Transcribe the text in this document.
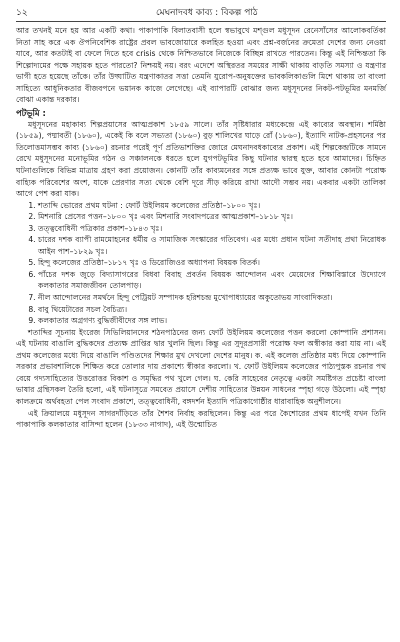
১২	মেঘনাদবধ কাব্য : বিকল্প পাঠ

আর তখনই মনে হয় আর একটি কথা। পাকাপাকি বিলাতবাসী হলে স্বভাবুখে মশ্গুল মধুসূদন রেনেসাঁসের আলোকবর্তিকা নিতা সাহ করে এক ঔপনিবেশিক রাষ্ট্রের প্রবল ভাবজোয়ারে কলহিত হওয়া এবং প্রশ্ন-বর্জনের ক্রমেতা দেশের জন্য নেওয়া যাবে, আর কতটাই বা ফেলে দিতে হবে crisis থেকে নিশ্চিতভাবে নিজেকে বিচ্ছিন্ন রাখতে পারতেন। কিন্তু এই নিশ্চিন্ততা কি শিল্পোদ্যমের পক্ষে সহায়ক হতে পারতো? নিশ্চয়ই নয়। বরং এদেশে অস্থিরতর সময়ের সাক্ষী থাকায় বাড়তি সমস্যা ও যন্ত্রণার ভাগী হতে হয়েছে তাঁকে। তাঁর উদ্ঘাটিত যন্ত্রণাকাতর সত্তা তেমনি যুরোপ-অনুষক্তের ভাবকলিকাগুলি মিশে থাকায় তা বাংলা সাহিত্যে আধুনিকতার বীজবপনে ভয়ানক কাজে লেগেছে। এই ব্যাপারটি বোঝার জন্য মধুসূদনের নিকট-পটভূমির মনমর্জি বোঝা একান্ত দরকার।

পটভূমি :

মধুসূদনের মহাকাব্য শিল্পপ্রয়াসের আত্মপ্রকাশ ১৮৫৯ সালে। তাঁর সৃষ্টিধারার মধ্যকেন্দ্রে এই কাব্যের অবস্থান। শর্মিষ্ঠা (১৮৫৯), পদ্মাবতী (১৮৬০), একেই কি বলে সভ্যতা (১৮৬০) বুড় শালিখের ঘাড়ে রোঁ (১৮৬০), ইত্যাদি নাটক-প্রহসনের পর তিলোত্তমাসম্ভব কাব্য (১৮৬০) রচনার পরেই পূর্ণ প্রতিভাশক্তির জোরে মেঘনাদবধকাব্যের প্রকাশ। এই শিল্পকেন্দ্রটিকে সামনে রেখে মধুসূদনের মনোভূমির গঠন ও সঞ্চালনকে ধরতে হলে যুগপটভূমির কিছু ঘটনার দ্বারস্থ হতে হবে আমাদের। চিহ্নিত ঘটনাগুলিকে বিভিন্ন মাত্রায় গ্রহণ করা প্রয়োজন। কোনটি তাঁর কাব্যমনেরর সঙ্গে প্রত্যক্ষ ভাবে যুক্ত, আবার কোনটা পরোক্ষ বাহ্যিক পরিবেশের অংশ, যাকে প্রেরণার সত্য থেকে বেশি দূরে সীড় করিয়ে রাখা আদৌ সম্ভব নয়। একবার একটা তালিকা আগে পেশ করা যাক।

1. শতাব্দি ভোরের প্রথম ঘটনা : ফোর্ট উইলিয়ম কলেজের প্রতিষ্ঠা–১৮০০ খৃঃ।
2. মিশনারি প্রেসের পত্তন–১৮০০ খৃঃ এবং মিশনারি সংবাদপত্রের আত্মপ্রকাশ–১৮১৮ খৃঃ।
3. তত্ত্ববোধিনী পত্রিকার প্রকাশ–১৮৪৩ খৃঃ।
4. চারের দশক ব্যাপী রামমোহনের ধর্মীয় ও সামাজিক সংস্কারের গতিবেগ। এর মধ্যে প্রধান ঘটনা সতীদাহ প্রথা নিরোধক আইন পাশ–১৮২৯ খৃঃ।
5. হিন্দু কলেজের প্রতিষ্ঠা–১৮১৭ খৃঃ ও ডিরোজিওর অধ্যাপনা বিষয়ক বিতর্ক।
6. পাঁচের দশক জুড়ে বিদ্যাসাগরের বিধবা বিবাহ প্রবর্তন বিষয়ক আন্দোলন এবং মেয়েদের শিক্ষাবিস্তারে উদ্যোগে কলকাতার সমাজজীবন তোলপাড়।
7. নীল আন্দোলনের সমর্থনে হিন্দু পেট্রিয়ট সম্পাদক হরিশচন্দ্র মুখোপাধ্যায়ের অকুতোভয় সাংবাদিকতা।
8. বাবু থিয়েটারের সচল বৈচিত্র্য।
9. কলকাতার অগ্রগণ্য বুদ্ধিজীবীদের সঙ্গ লাভ।

শতাব্দির সূচনায় ইংরেজ সিভিলিয়ানদের শঠনপাঠনের জন্য ফোর্ট উইলিয়ম কলেজের পত্তন করলো কোম্পানি প্রশাসন। এই ঘটনায় বাঙালি বুদ্ধিকদের প্রত্যক্ষ প্রাপ্তির দ্বার খুলনি ছিল। কিন্তু এর সুদূরপ্রসারী পরোক্ষ ফল অস্বীকার করা যায় না। এই প্রথম কলেজের মধ্যে দিয়ে বাঙালি পণ্ডিতদের শিক্ষার মুখ দেখলো দেশের মানুষ। ক. এই কলেজ প্রতিষ্ঠার মধ্য দিয়ে কোম্পানি সরকার প্রভাবশালিকে শিক্ষিত করে তোলার দায় প্রকাশ্যে স্বীকার করলো। খ. ফোর্ট উইলিয়ম কলেজের পাঠ্যপুস্তক রচনার পথ বেয়ে গদ্যসাহিত্যের উত্তরোত্তর বিকাশ ও সমৃদ্ধির পথ খুলে গেল। ঘ. কেরি সাহেবের নেতৃত্বে একটা সমষ্টিগত প্রচেষ্টা বাংলা ভাষার গ্রন্থিসকল তৈরি হলো, এই ঘটনাসূত্রে সমবেত প্রয়াসে দেশীয় সাহিত্যের উন্নয়ন সাধনের স্পৃহা গড়ে উঠলো। এই স্পৃহা কালক্রমে অর্থবহতা পেল সংবাদ প্রকাশে, তত্ত্ববোধিনী, বঙ্গদর্শন ইত্যাদি পত্রিকাগোষ্ঠীর ধারাবাহিক অনুশীলনে।

এই ক্রিয়ালয়ে মধুসূদন সাগরদাঁড়িতে তাঁর শৈশব নির্বাহ করছিলেন। কিন্তু এর পরে কৈশোরের প্রথম ধাপেই যখন তিনি পাকাপাকি কলকাতার বাসিন্দা হলেন (১৮৩৩ নাগাদ), এই উন্মোচিত
